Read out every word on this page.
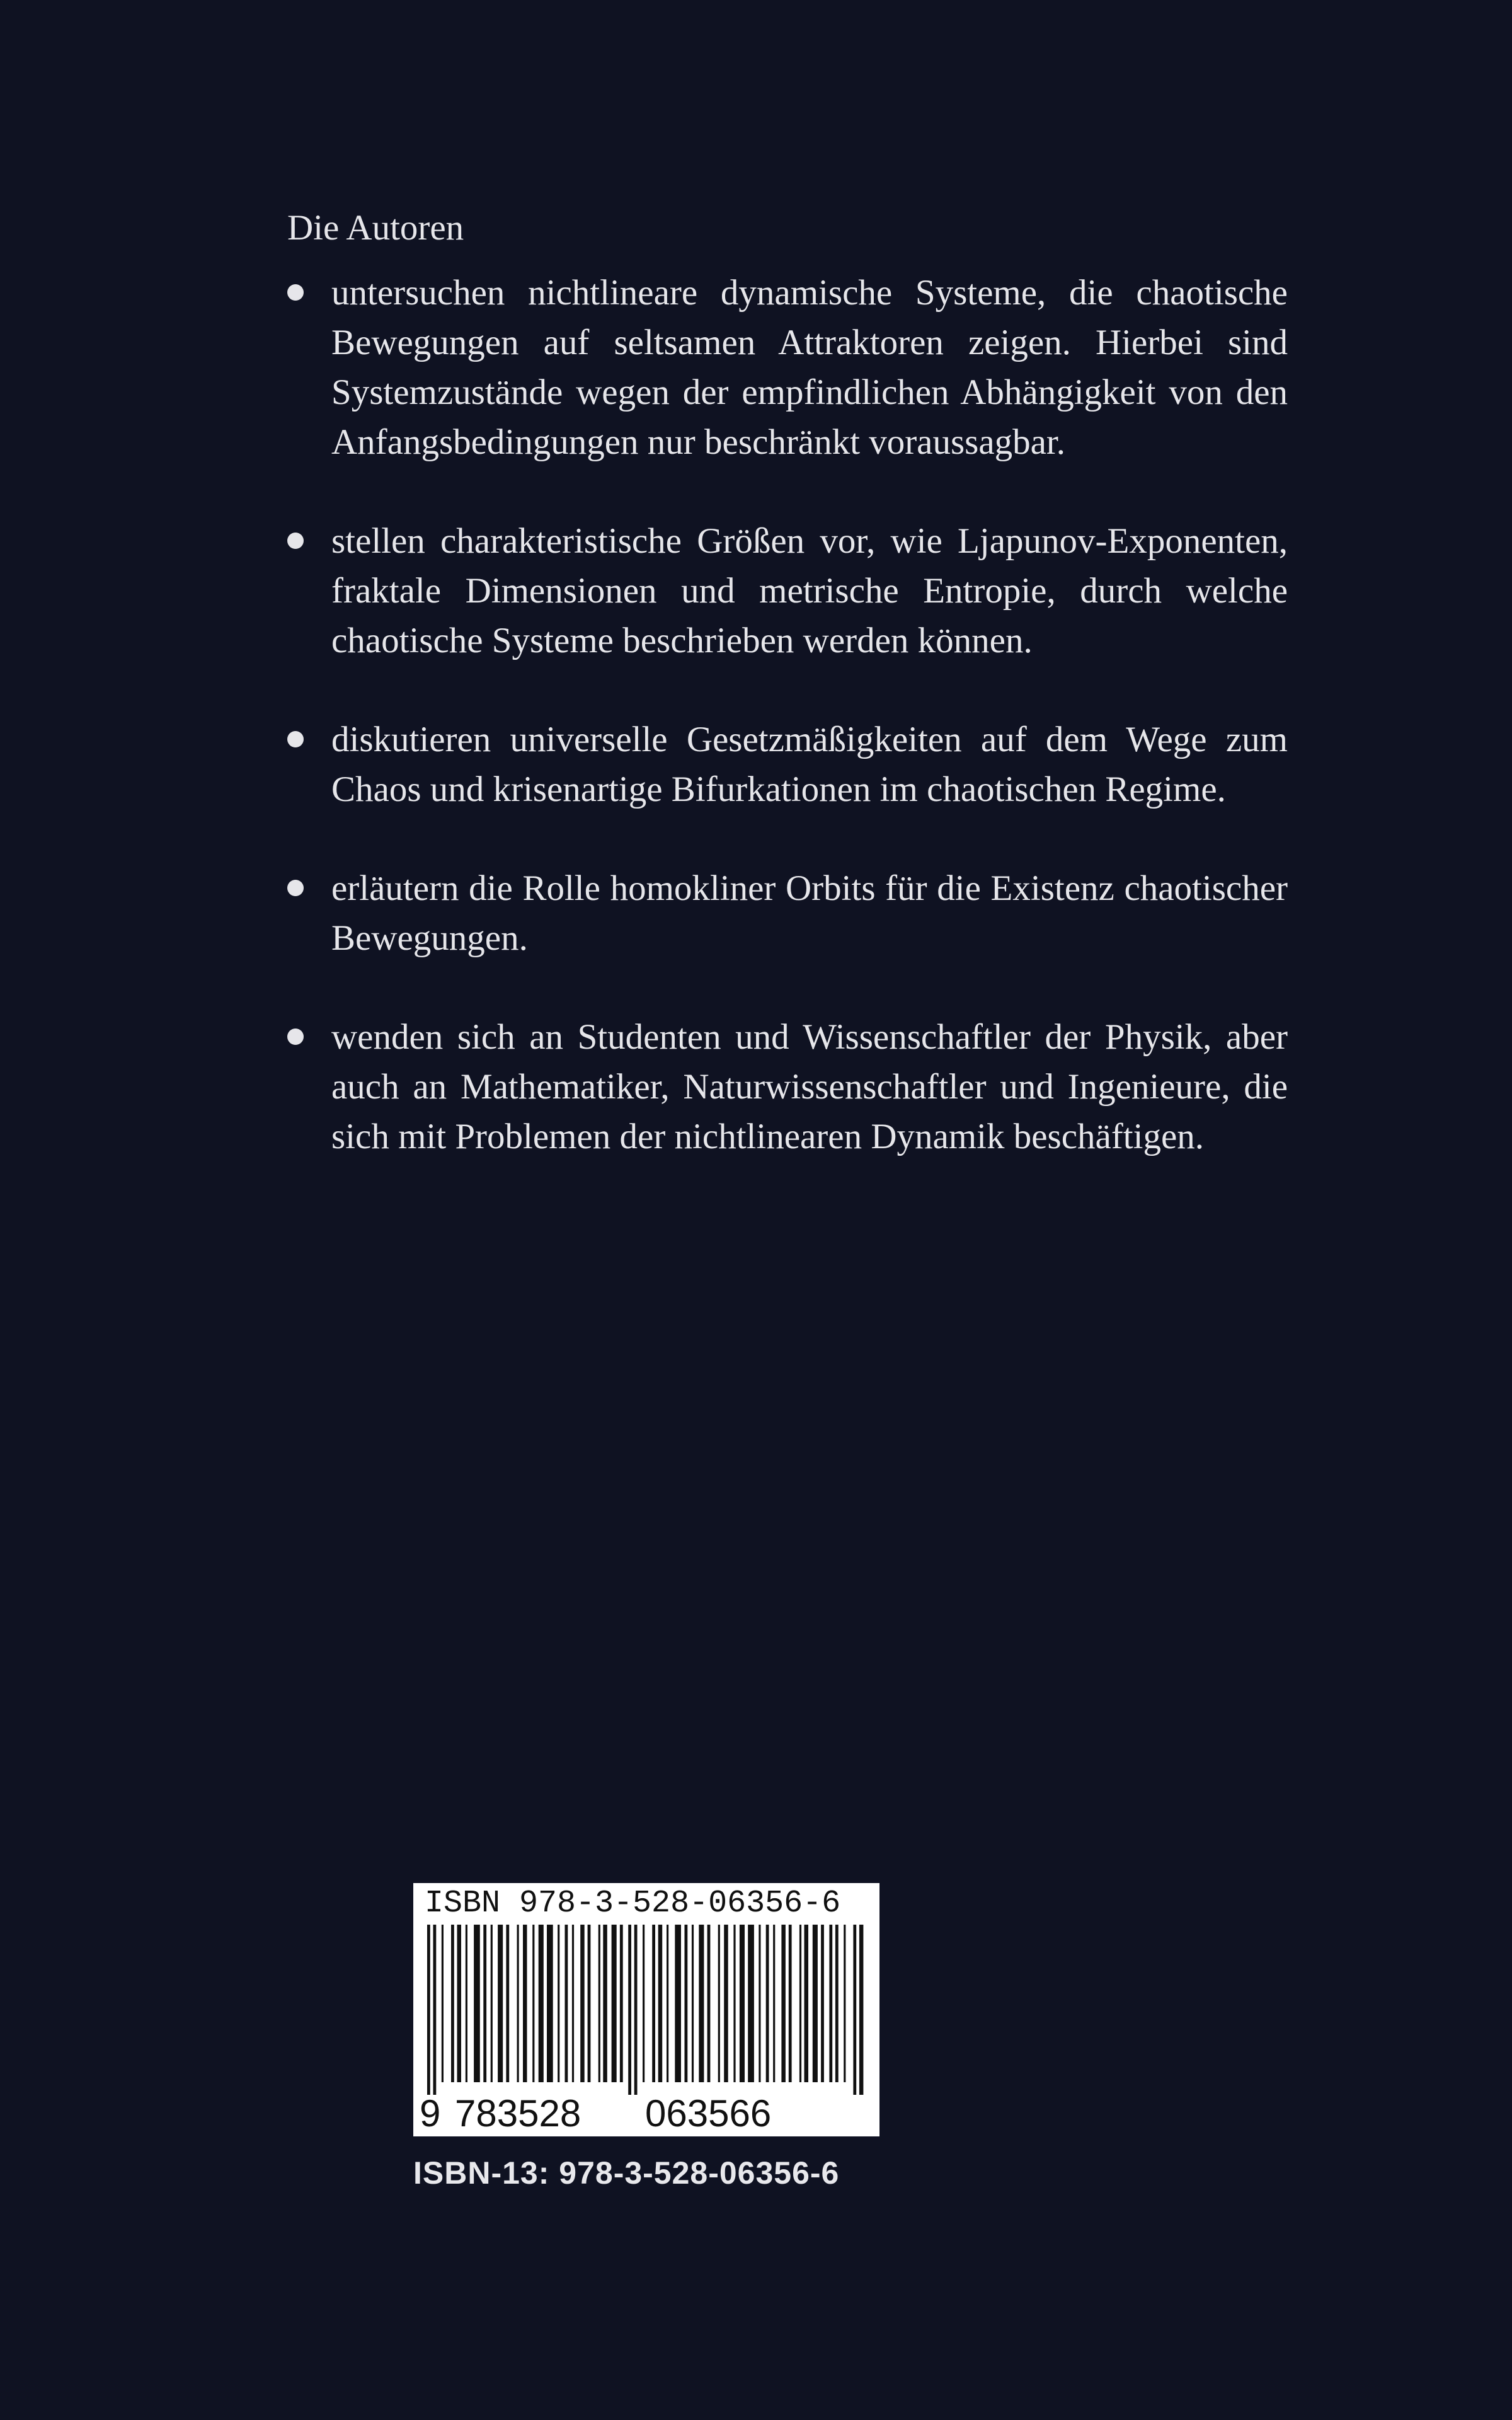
Die Autoren

untersuchen nichtlineare dynamische Systeme, die chaotische Bewegungen auf seltsamen Attraktoren zeigen. Hierbei sind Systemzustände wegen der empfindlichen Abhängigkeit von den Anfangsbedingungen nur beschränkt voraussagbar.
stellen charakteristische Größen vor, wie Ljapunov-Exponenten, fraktale Dimensionen und metrische Entropie, durch welche chaotische Systeme beschrieben werden können.
diskutieren universelle Gesetzmäßigkeiten auf dem Wege zum Chaos und krisenartige Bifurkationen im chaotischen Regime.
erläutern die Rolle homokliner Orbits für die Existenz chaotischer Bewegungen.
wenden sich an Studenten und Wissenschaftler der Physik, aber auch an Mathematiker, Naturwissenschaftler und Ingenieure, die sich mit Problemen der nichtlinearen Dynamik beschäftigen.
ISBN 978-3-528-06356-6
9 783528 063566
ISBN-13: 978-3-528-06356-6
